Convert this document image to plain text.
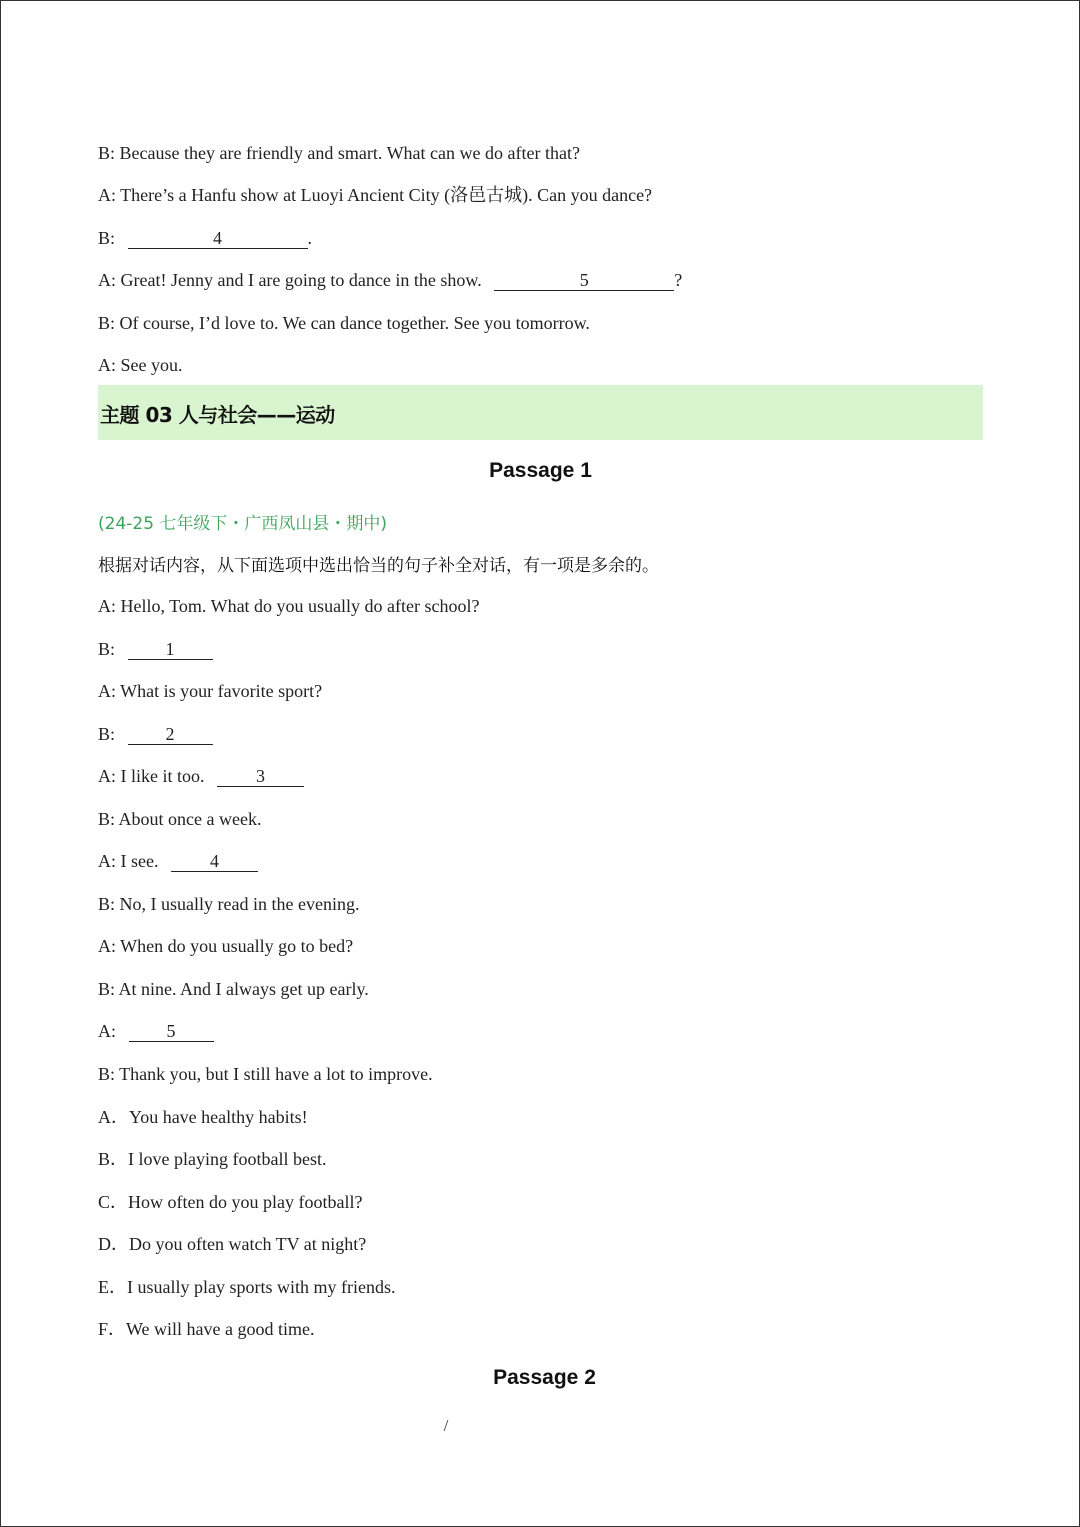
B: Because they are friendly and smart. What can we do after that?
A: There’s a Hanfu show at Luoyi Ancient City (洛邑古城). Can you dance?
B:	4	.
A: Great! Jenny and I are going to dance in the show.	5	?
B: Of course, I’d love to. We can dance together. See you tomorrow.
A: See you.
主题 03 人与社会——运动
Passage 1
(24-25 七年级下・广西凤山县・期中)
根据对话内容，从下面选项中选出恰当的句子补全对话，有一项是多余的。
A: Hello, Tom. What do you usually do after school?
B:	1
A: What is your favorite sport?
B:	2
A: I like it too.	3
B: About once a week.
A: I see.	4
B: No, I usually read in the evening.
A: When do you usually go to bed?
B: At nine. And I always get up early.
A:	5
B: Thank you, but I still have a lot to improve.
A．You have healthy habits!
B．I love playing football best.
C．How often do you play football?
D．Do you often watch TV at night?
E．I usually play sports with my friends.
F．We will have a good time.
Passage 2
/
